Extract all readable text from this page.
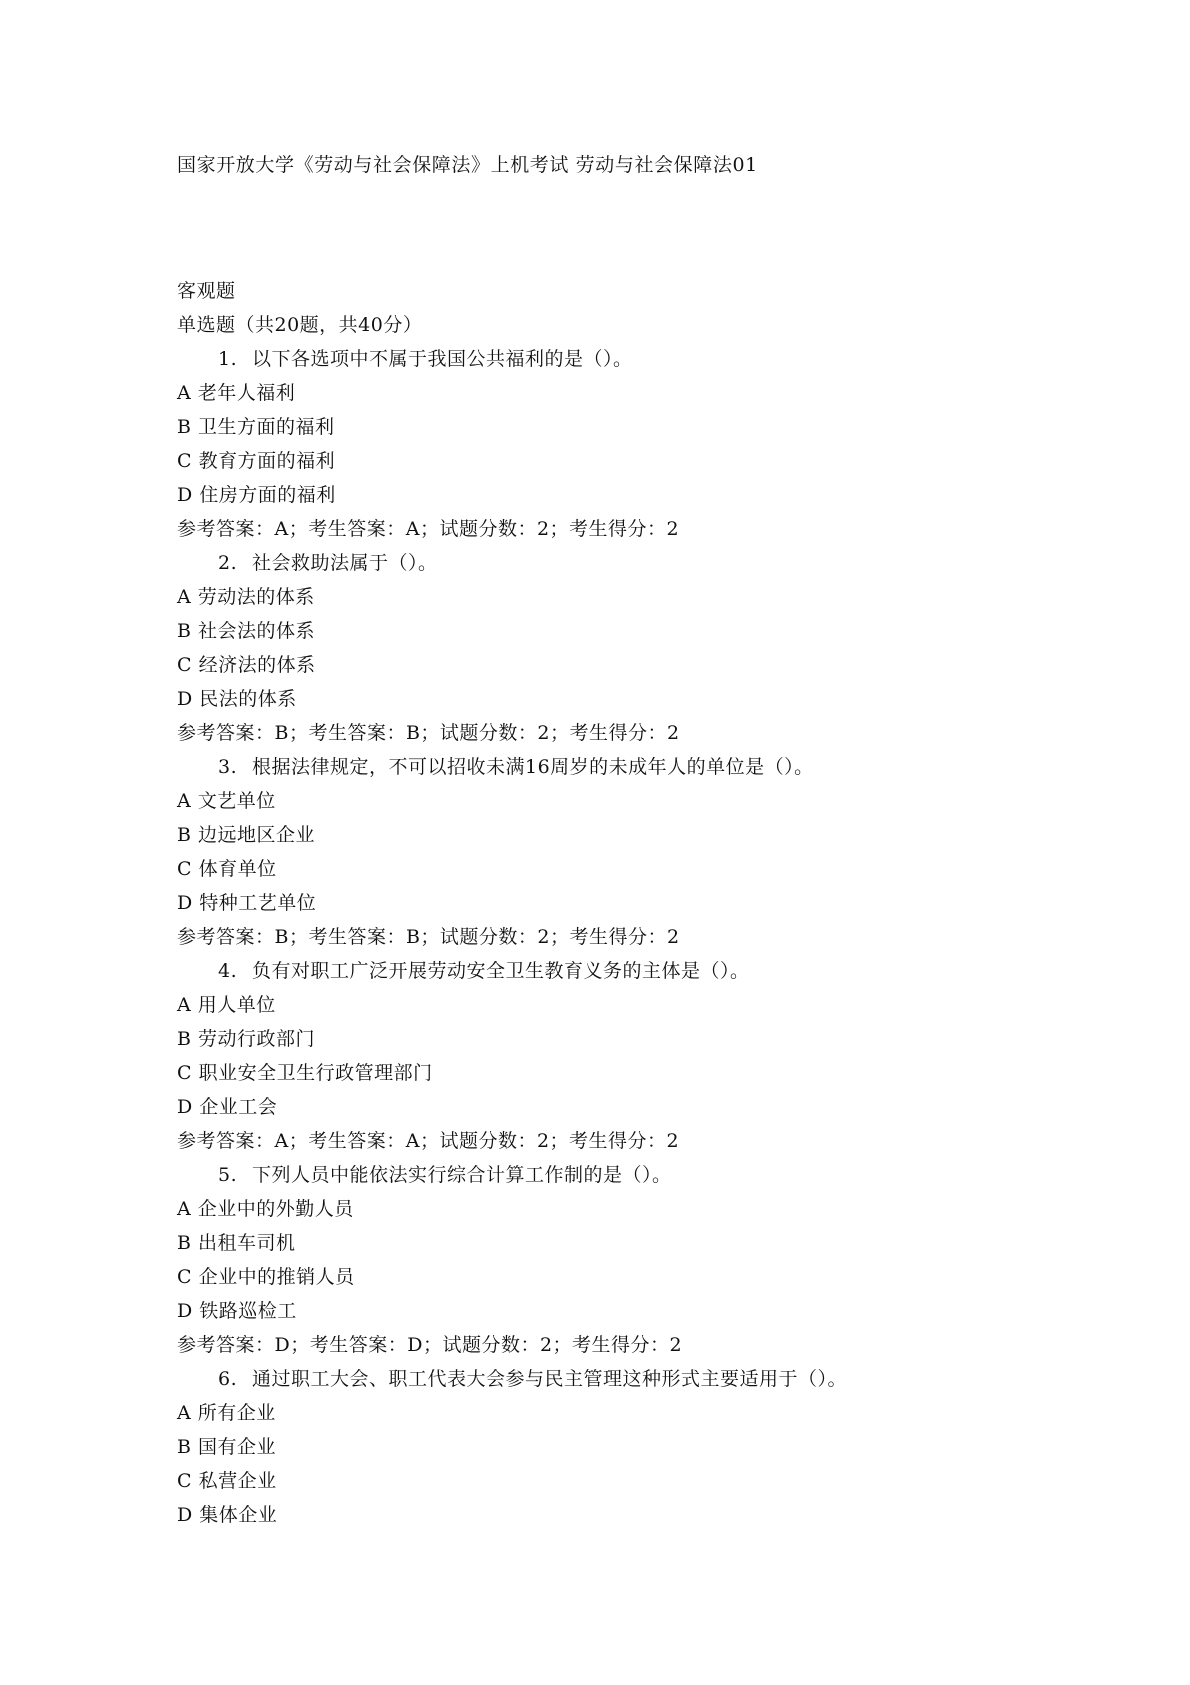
国家开放大学《劳动与社会保障法》上机考试 劳动与社会保障法01
客观题
单选题（共20题，共40分）
1. 以下各选项中不属于我国公共福利的是（）。
A 老年人福利
B 卫生方面的福利
C 教育方面的福利
D 住房方面的福利
参考答案：A；考生答案：A；试题分数：2；考生得分：2
2. 社会救助法属于（）。
A 劳动法的体系
B 社会法的体系
C 经济法的体系
D 民法的体系
参考答案：B；考生答案：B；试题分数：2；考生得分：2
3. 根据法律规定，不可以招收未满16周岁的未成年人的单位是（）。
A 文艺单位
B 边远地区企业
C 体育单位
D 特种工艺单位
参考答案：B；考生答案：B；试题分数：2；考生得分：2
4. 负有对职工广泛开展劳动安全卫生教育义务的主体是（）。
A 用人单位
B 劳动行政部门
C 职业安全卫生行政管理部门
D 企业工会
参考答案：A；考生答案：A；试题分数：2；考生得分：2
5. 下列人员中能依法实行综合计算工作制的是（）。
A 企业中的外勤人员
B 出租车司机
C 企业中的推销人员
D 铁路巡检工
参考答案：D；考生答案：D；试题分数：2；考生得分：2
6. 通过职工大会、职工代表大会参与民主管理这种形式主要适用于（）。
A 所有企业
B 国有企业
C 私营企业
D 集体企业
